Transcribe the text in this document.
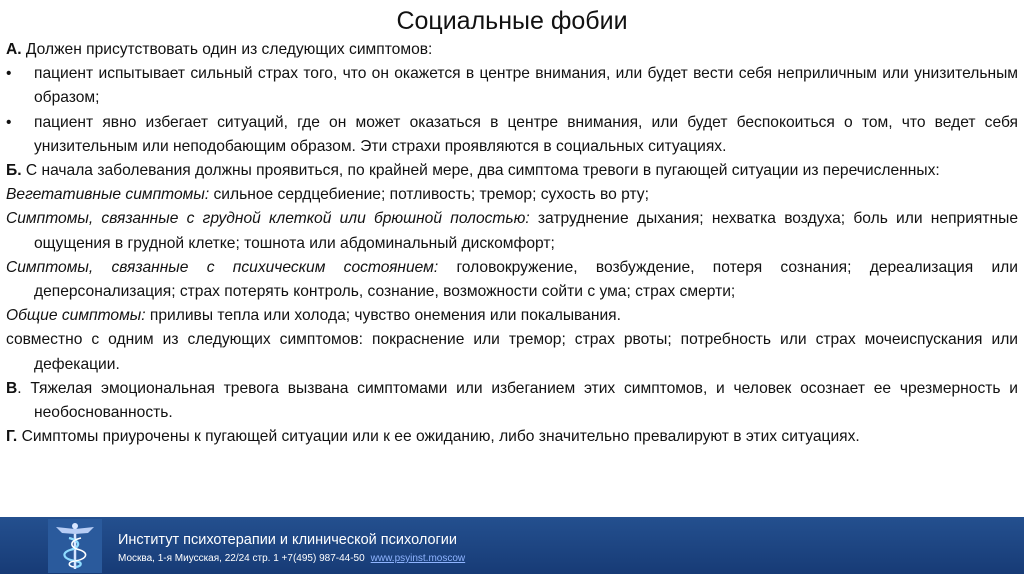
Социальные фобии

А. Должен присутствовать один из следующих симптомов:

• пациент испытывает сильный страх того, что он окажется в центре внимания, или будет вести себя неприличным или унизительным образом;

• пациент явно избегает ситуаций, где он может оказаться в центре внимания, или будет беспокоиться о том, что ведет себя унизительным или неподобающим образом. Эти страхи проявляются в социальных ситуациях.

Б. С начала заболевания должны проявиться, по крайней мере, два симптома тревоги в пугающей ситуации из перечисленных:

Вегетативные симптомы: сильное сердцебиение; потливость; тремор; сухость во рту;

Симптомы, связанные с грудной клеткой или брюшной полостью: затруднение дыхания; нехватка воздуха; боль или неприятные ощущения в грудной клетке; тошнота или абдоминальный дискомфорт;

Симптомы, связанные с психическим состоянием: головокружение, возбуждение, потеря сознания; дереализация или деперсонализация; страх потерять контроль, сознание, возможности сойти с ума; страх смерти;

Общие симптомы: приливы тепла или холода; чувство онемения или покалывания.

совместно с одним из следующих симптомов: покраснение или тремор; страх рвоты; потребность или страх мочеиспускания или дефекации.

В. Тяжелая эмоциональная тревога вызвана симптомами или избеганием этих симптомов, и человек осознает ее чрезмерность и необоснованность.

Г. Симптомы приурочены к пугающей ситуации или к ее ожиданию, либо значительно превалируют в этих ситуациях.

Институт психотерапии и клинической психологии
Москва, 1-я Миусская, 22/24 стр. 1 +7(495) 987-44-50 www.psyinst.moscow
